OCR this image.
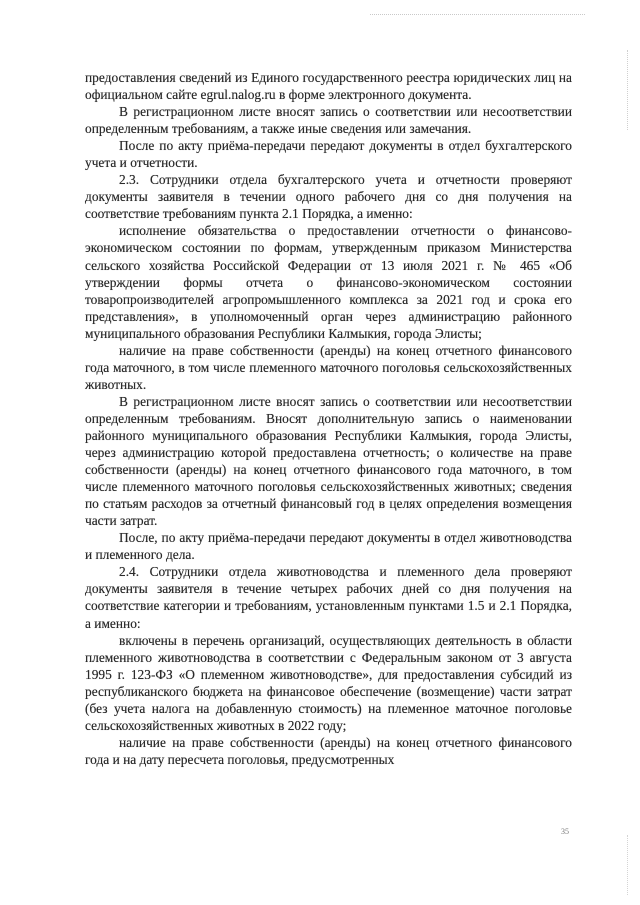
предоставления сведений из Единого государственного реестра юридических лиц на официальном сайте egrul.nalog.ru в форме электронного документа.

В регистрационном листе вносят запись о соответствии или несоответствии определенным требованиям, а также иные сведения или замечания.

После по акту приёма-передачи передают документы в отдел бухгалтерского учета и отчетности.

2.3. Сотрудники отдела бухгалтерского учета и отчетности проверяют документы заявителя в течении одного рабочего дня со дня получения на соответствие требованиям пункта 2.1 Порядка, а именно:

исполнение обязательства о предоставлении отчетности о финансово-экономическом состоянии по формам, утвержденным приказом Министерства сельского хозяйства Российской Федерации от 13 июля 2021 г. № 465 «Об утверждении формы отчета о финансово-экономическом состоянии товаропроизводителей агропромышленного комплекса за 2021 год и срока его представления», в уполномоченный орган через администрацию районного муниципального образования Республики Калмыкия, города Элисты;

наличие на праве собственности (аренды) на конец отчетного финансового года маточного, в том числе племенного маточного поголовья сельскохозяйственных животных.

В регистрационном листе вносят запись о соответствии или несоответствии определенным требованиям. Вносят дополнительную запись о наименовании районного муниципального образования Республики Калмыкия, города Элисты, через администрацию которой предоставлена отчетность; о количестве на праве собственности (аренды) на конец отчетного финансового года маточного, в том числе племенного маточного поголовья сельскохозяйственных животных; сведения по статьям расходов за отчетный финансовый год в целях определения возмещения части затрат.

После, по акту приёма-передачи передают документы в отдел животноводства и племенного дела.

2.4. Сотрудники отдела животноводства и племенного дела проверяют документы заявителя в течение четырех рабочих дней со дня получения на соответствие категории и требованиям, установленным пунктами 1.5 и 2.1 Порядка, а именно:

включены в перечень организаций, осуществляющих деятельность в области племенного животноводства в соответствии с Федеральным законом от 3 августа 1995 г. 123-ФЗ «О племенном животноводстве», для предоставления субсидий из республиканского бюджета на финансовое обеспечение (возмещение) части затрат (без учета налога на добавленную стоимость) на племенное маточное поголовье сельскохозяйственных животных в 2022 году;

наличие на праве собственности (аренды) на конец отчетного финансового года и на дату пересчета поголовья, предусмотренных

35
